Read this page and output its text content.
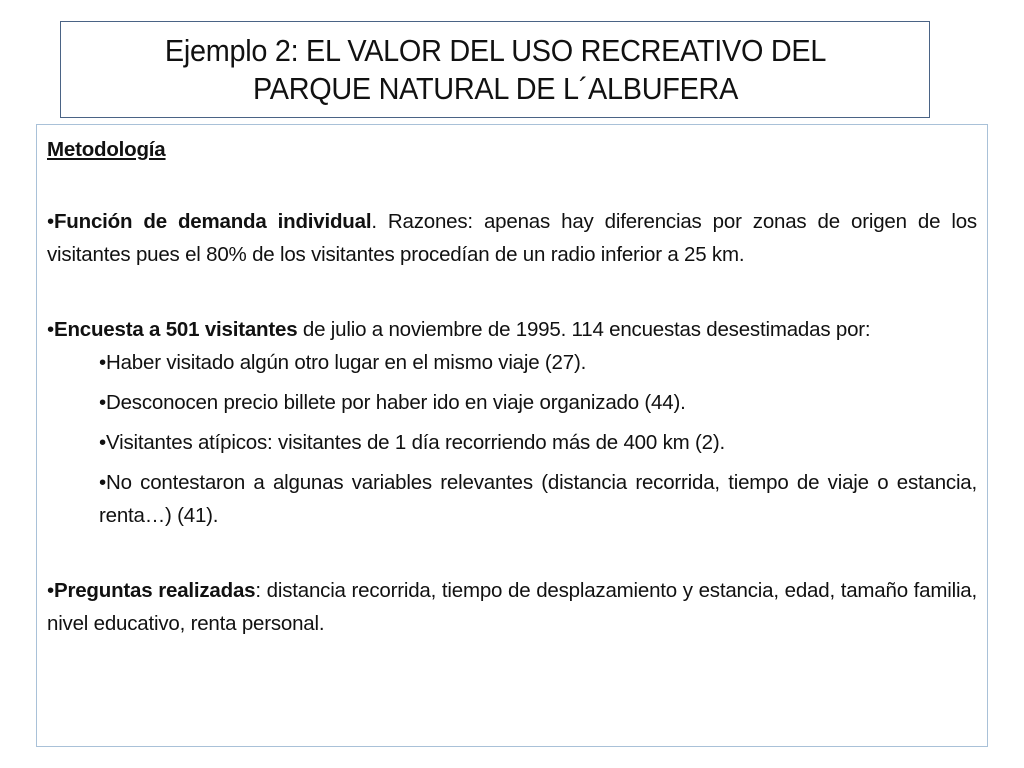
Ejemplo 2: EL VALOR DEL USO RECREATIVO DEL
PARQUE NATURAL DE L´ALBUFERA

Metodología

•Función de demanda individual. Razones: apenas hay diferencias por zonas de origen de los visitantes pues el 80% de los visitantes procedían de un radio inferior a 25 km.

•Encuesta a 501 visitantes de julio a noviembre de 1995. 114 encuestas desestimadas por:

•Haber visitado algún otro lugar en el mismo viaje (27).

•Desconocen precio billete por haber ido en viaje organizado (44).

•Visitantes atípicos: visitantes de 1 día recorriendo más de 400 km (2).

•No contestaron a algunas variables relevantes (distancia recorrida, tiempo de viaje o estancia, renta…) (41).

•Preguntas realizadas: distancia recorrida, tiempo de desplazamiento y estancia, edad, tamaño familia, nivel educativo, renta personal.
